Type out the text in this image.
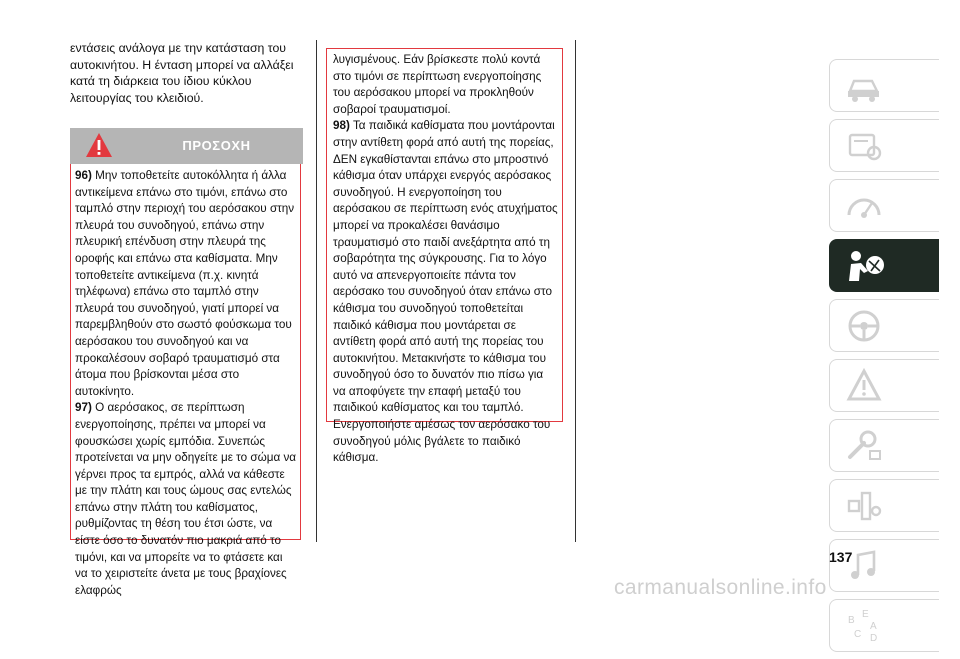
εντάσεις ανάλογα με την κατάσταση του αυτοκινήτου. Η ένταση μπορεί να αλλάξει κατά τη διάρκεια του ίδιου κύκλου λειτουργίας του κλειδιού.
ΠΡΟΣΟΧΗ

96) Μην τοποθετείτε αυτοκόλλητα ή άλλα αντικείμενα επάνω στο τιμόνι, επάνω στο ταμπλό στην περιοχή του αερόσακου στην πλευρά του συνοδηγού, επάνω στην πλευρική επένδυση στην πλευρά της οροφής και επάνω στα καθίσματα. Μην τοποθετείτε αντικείμενα (π.χ. κινητά τηλέφωνα) επάνω στο ταμπλό στην πλευρά του συνοδηγού, γιατί μπορεί να παρεμβληθούν στο σωστό φούσκωμα του αερόσακου του συνοδηγού και να προκαλέσουν σοβαρό τραυματισμό στα άτομα που βρίσκονται μέσα στο αυτοκίνητο.

97) Ο αερόσακος, σε περίπτωση ενεργοποίησης, πρέπει να μπορεί να φουσκώσει χωρίς εμπόδια. Συνεπώς προτείνεται να μην οδηγείτε με το σώμα να γέρνει προς τα εμπρός, αλλά να κάθεστε με την πλάτη και τους ώμους σας εντελώς επάνω στην πλάτη του καθίσματος, ρυθμίζοντας τη θέση του έτσι ώστε, να είστε όσο το δυνατόν πιο μακριά από το τιμόνι, και να μπορείτε να το φτάσετε και να το χειριστείτε άνετα με τους βραχίονες ελαφρώς

λυγισμένους. Εάν βρίσκεστε πολύ κοντά στο τιμόνι σε περίπτωση ενεργοποίησης του αερόσακου μπορεί να προκληθούν σοβαροί τραυματισμοί.

98) Τα παιδικά καθίσματα που μοντάρονται στην αντίθετη φορά από αυτή της πορείας, ΔΕΝ εγκαθίστανται επάνω στο μπροστινό κάθισμα όταν υπάρχει ενεργός αερόσακος συνοδηγού. Η ενεργοποίηση του αερόσακου σε περίπτωση ενός ατυχήματος μπορεί να προκαλέσει θανάσιμο τραυματισμό στο παιδί ανεξάρτητα από τη σοβαρότητα της σύγκρουσης. Για το λόγο αυτό να απενεργοποιείτε πάντα τον αερόσακο του συνοδηγού όταν επάνω στο κάθισμα του συνοδηγού τοποθετείται παιδικό κάθισμα που μοντάρεται σε αντίθετη φορά από αυτή της πορείας του αυτοκινήτου. Μετακινήστε το κάθισμα του συνοδηγού όσο το δυνατόν πιο πίσω για να αποφύγετε την επαφή μεταξύ του παιδικού καθίσματος και του ταμπλό. Ενεργοποιήστε αμέσως τον αερόσακο του συνοδηγού μόλις βγάλετε το παιδικό κάθισμα.

B
E
A
C D
137
carmanualsonline.info
